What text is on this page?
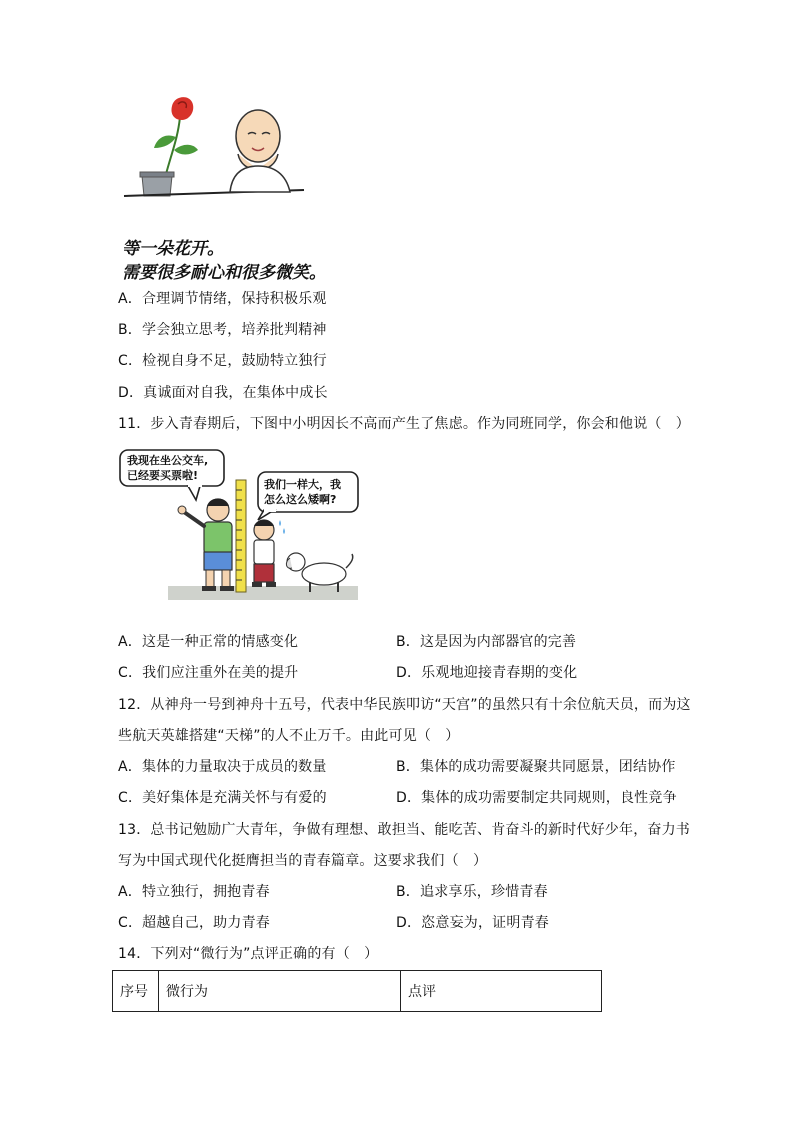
等一朵花开。
需要很多耐心和很多微笑。
A．合理调节情绪，保持积极乐观
B．学会独立思考，培养批判精神
C．检视自身不足，鼓励特立独行
D．真诚面对自我，在集体中成长
11．步入青春期后，下图中小明因长不高而产生了焦虑。作为同班同学，你会和他说（　）
我现在坐公交车,
已经要买票啦!
我们一样大，我
怎么这么矮啊?
A．这是一种正常的情感变化	B．这是因为内部器官的完善
C．我们应注重外在美的提升	D．乐观地迎接青春期的变化
12．从神舟一号到神舟十五号，代表中华民族叩访“天宫”的虽然只有十余位航天员，而为这
些航天英雄搭建“天梯”的人不止万千。由此可见（　）
A．集体的力量取决于成员的数量	B．集体的成功需要凝聚共同愿景，团结协作
C．美好集体是充满关怀与有爱的	D．集体的成功需要制定共同规则，良性竞争
13．总书记勉励广大青年，争做有理想、敢担当、能吃苦、肯奋斗的新时代好少年，奋力书
写为中国式现代化挺膺担当的青春篇章。这要求我们（　）
A．特立独行，拥抱青春	B．追求享乐，珍惜青春
C．超越自己，助力青春	D．恣意妄为，证明青春
14．下列对“微行为”点评正确的有（　）
序号	微行为	点评
